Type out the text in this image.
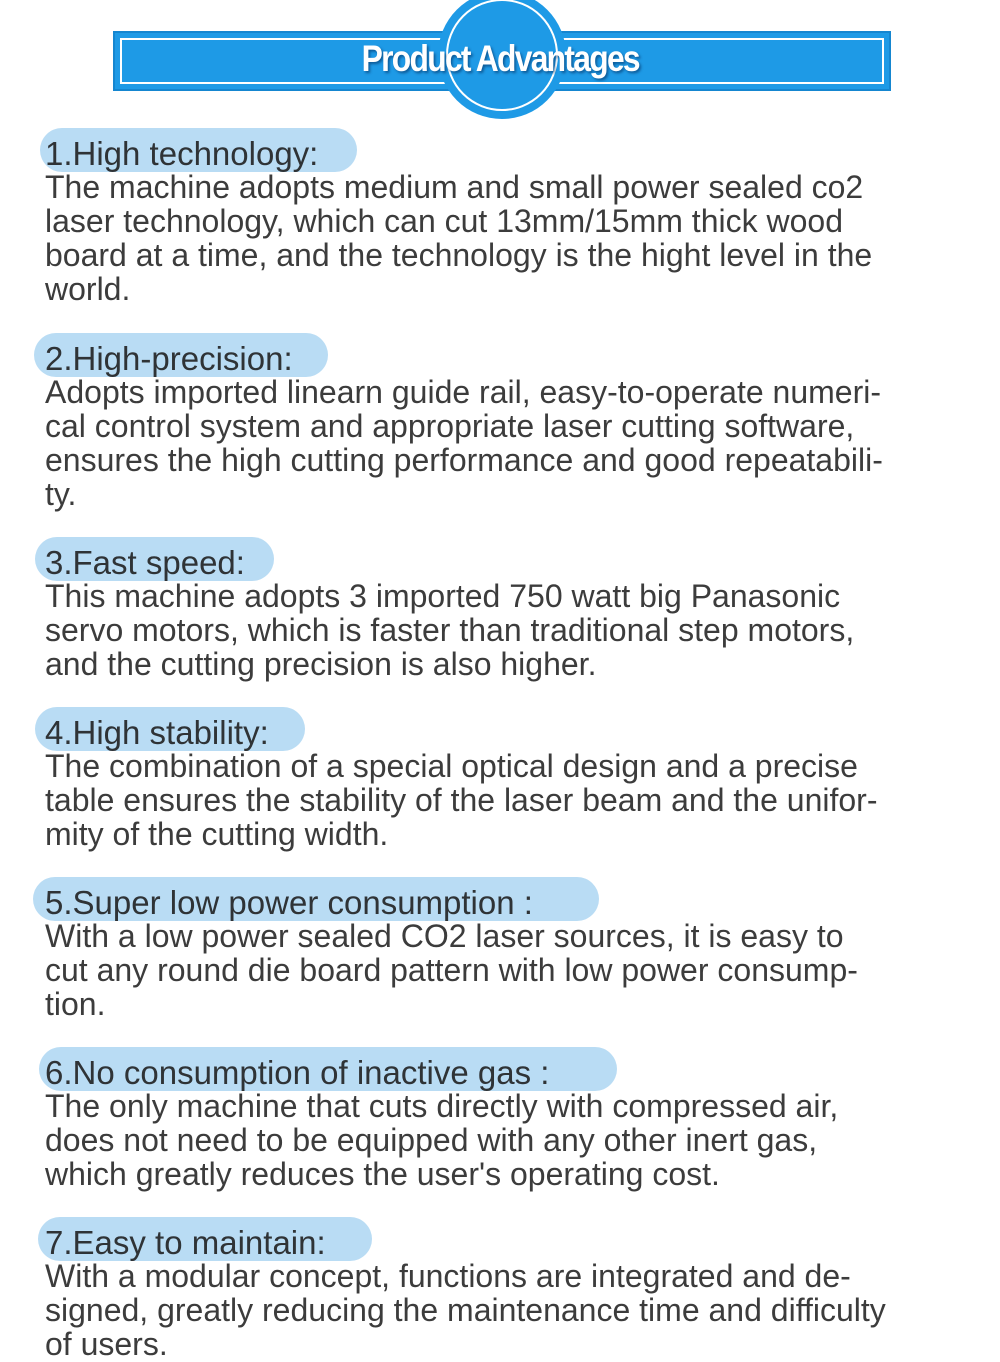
Product Advantages
1.High technology:
The machine adopts medium and small power sealed co2
laser technology, which can cut 13mm/15mm thick wood
board at a time, and the technology is the hight level in the
world.
2.High-precision:
Adopts imported linearn guide rail, easy-to-operate numeri-
cal control system and appropriate laser cutting software,
ensures the high cutting performance and good repeatabili-
ty.
3.Fast speed:
This machine adopts 3 imported 750 watt big Panasonic
servo motors, which is faster than traditional step motors,
and the cutting precision is also higher.
4.High stability:
The combination of a special optical design and a precise
table ensures the stability of the laser beam and the unifor-
mity of the cutting width.
5.Super low power consumption :
With a low power sealed CO2 laser sources, it is easy to
cut any round die board pattern with low power consump-
tion.
6.No consumption of inactive gas :
The only machine that cuts directly with compressed air,
does not need to be equipped with any other inert gas,
which greatly reduces the user's operating cost.
7.Easy to maintain:
With a modular concept, functions are integrated and de-
signed, greatly reducing the maintenance time and difficulty
of users.
